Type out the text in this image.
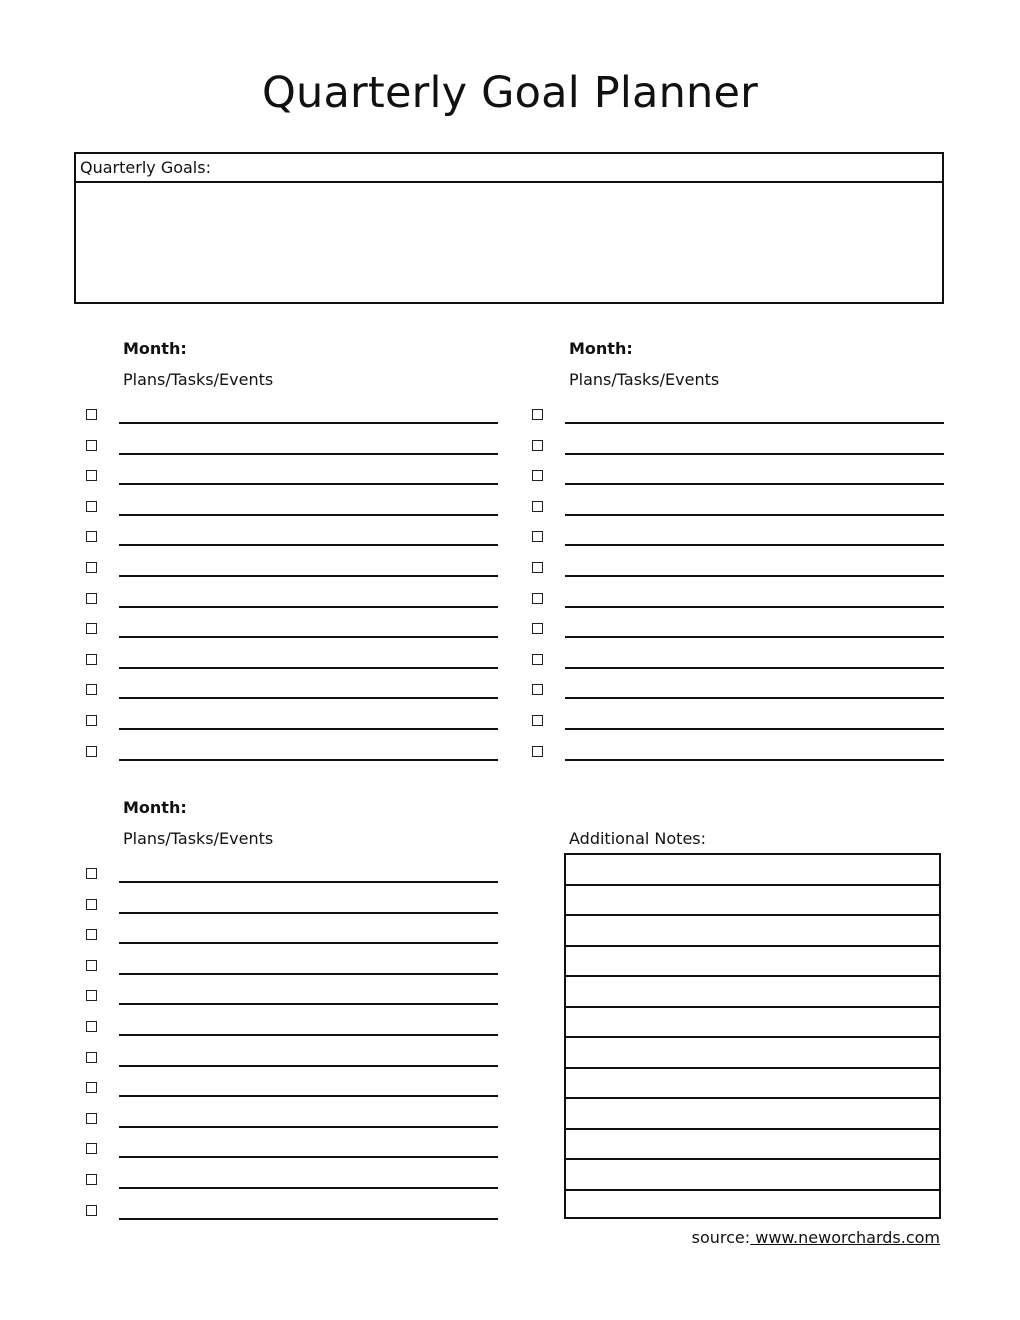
Quarterly Goal Planner
Quarterly Goals:
Month:
Plans/Tasks/Events
Month:
Plans/Tasks/Events
Month:
Plans/Tasks/Events	Additional Notes:
source: www.neworchards.com
